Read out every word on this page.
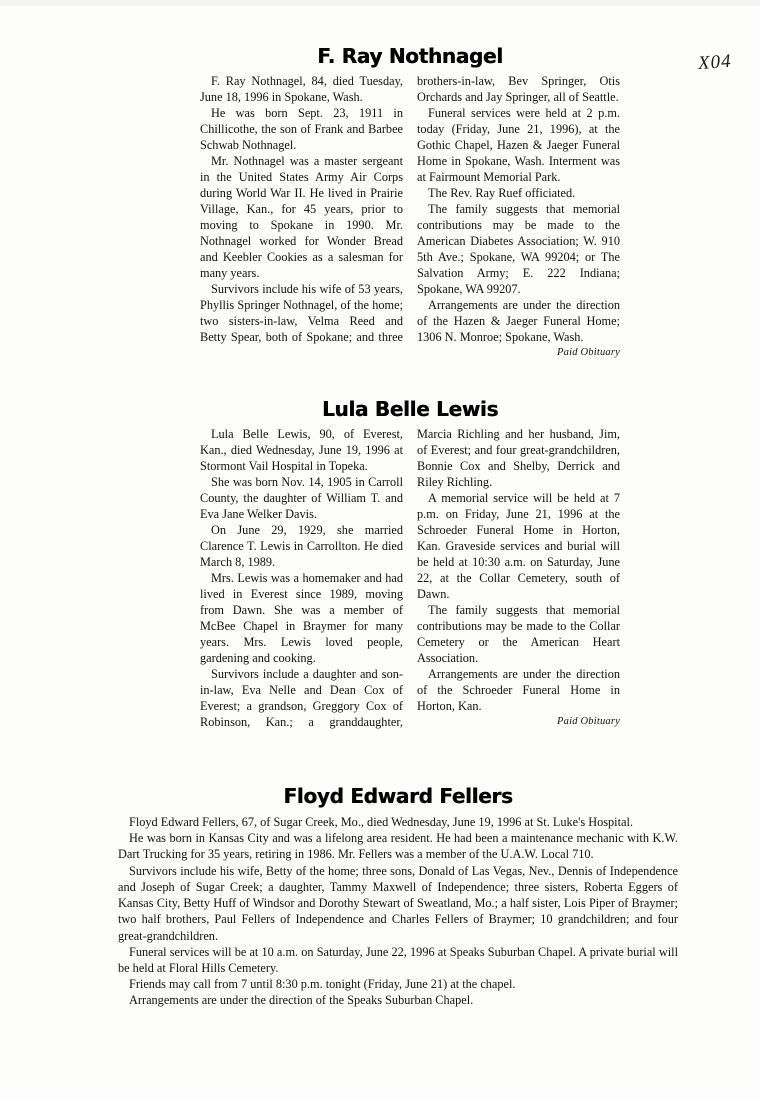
X04
F. Ray Nothnagel

F. Ray Nothnagel, 84, died Tuesday, June 18, 1996 in Spokane, Wash.

He was born Sept. 23, 1911 in Chillicothe, the son of Frank and Barbee Schwab Nothnagel.

Mr. Nothnagel was a master sergeant in the United States Army Air Corps during World War II. He lived in Prairie Village, Kan., for 45 years, prior to moving to Spokane in 1990. Mr. Nothnagel worked for Wonder Bread and Keebler Cookies as a salesman for many years.

Survivors include his wife of 53 years, Phyllis Springer Nothnagel, of the home; two sisters-in-law, Velma Reed and Betty Spear, both of Spokane; and three brothers-in-law, Bev Springer, Otis Orchards and Jay Springer, all of Seattle.

Funeral services were held at 2 p.m. today (Friday, June 21, 1996), at the Gothic Chapel, Hazen & Jaeger Funeral Home in Spokane, Wash. Interment was at Fairmount Memorial Park.

The Rev. Ray Ruef officiated.

The family suggests that memorial contributions may be made to the American Diabetes Association; W. 910 5th Ave.; Spokane, WA 99204; or The Salvation Army; E. 222 Indiana; Spokane, WA 99207.

Arrangements are under the direction of the Hazen & Jaeger Funeral Home; 1306 N. Monroe; Spokane, Wash.

Paid Obituary

Lula Belle Lewis

Lula Belle Lewis, 90, of Everest, Kan., died Wednesday, June 19, 1996 at Stormont Vail Hospital in Topeka.

She was born Nov. 14, 1905 in Carroll County, the daughter of William T. and Eva Jane Welker Davis.

On June 29, 1929, she married Clarence T. Lewis in Carrollton. He died March 8, 1989.

Mrs. Lewis was a homemaker and had lived in Everest since 1989, moving from Dawn. She was a member of McBee Chapel in Braymer for many years. Mrs. Lewis loved people, gardening and cooking.

Survivors include a daughter and son-in-law, Eva Nelle and Dean Cox of Everest; a grandson, Greggory Cox of Robinson, Kan.; a granddaughter, Marcia Richling and her husband, Jim, of Everest; and four great-grandchildren, Bonnie Cox and Shelby, Derrick and Riley Richling.

A memorial service will be held at 7 p.m. on Friday, June 21, 1996 at the Schroeder Funeral Home in Horton, Kan. Graveside services and burial will be held at 10:30 a.m. on Saturday, June 22, at the Collar Cemetery, south of Dawn.

The family suggests that memorial contributions may be made to the Collar Cemetery or the American Heart Association.

Arrangements are under the direction of the Schroeder Funeral Home in Horton, Kan.

Paid Obituary

Floyd Edward Fellers

Floyd Edward Fellers, 67, of Sugar Creek, Mo., died Wednesday, June 19, 1996 at St. Luke's Hospital.

He was born in Kansas City and was a lifelong area resident. He had been a maintenance mechanic with K.W. Dart Trucking for 35 years, retiring in 1986. Mr. Fellers was a member of the U.A.W. Local 710.

Survivors include his wife, Betty of the home; three sons, Donald of Las Vegas, Nev., Dennis of Independence and Joseph of Sugar Creek; a daughter, Tammy Maxwell of Independence; three sisters, Roberta Eggers of Kansas City, Betty Huff of Windsor and Dorothy Stewart of Sweatland, Mo.; a half sister, Lois Piper of Braymer; two half brothers, Paul Fellers of Independence and Charles Fellers of Braymer; 10 grandchildren; and four great-grandchildren.

Funeral services will be at 10 a.m. on Saturday, June 22, 1996 at Speaks Suburban Chapel. A private burial will be held at Floral Hills Cemetery.

Friends may call from 7 until 8:30 p.m. tonight (Friday, June 21) at the chapel.

Arrangements are under the direction of the Speaks Suburban Chapel.
